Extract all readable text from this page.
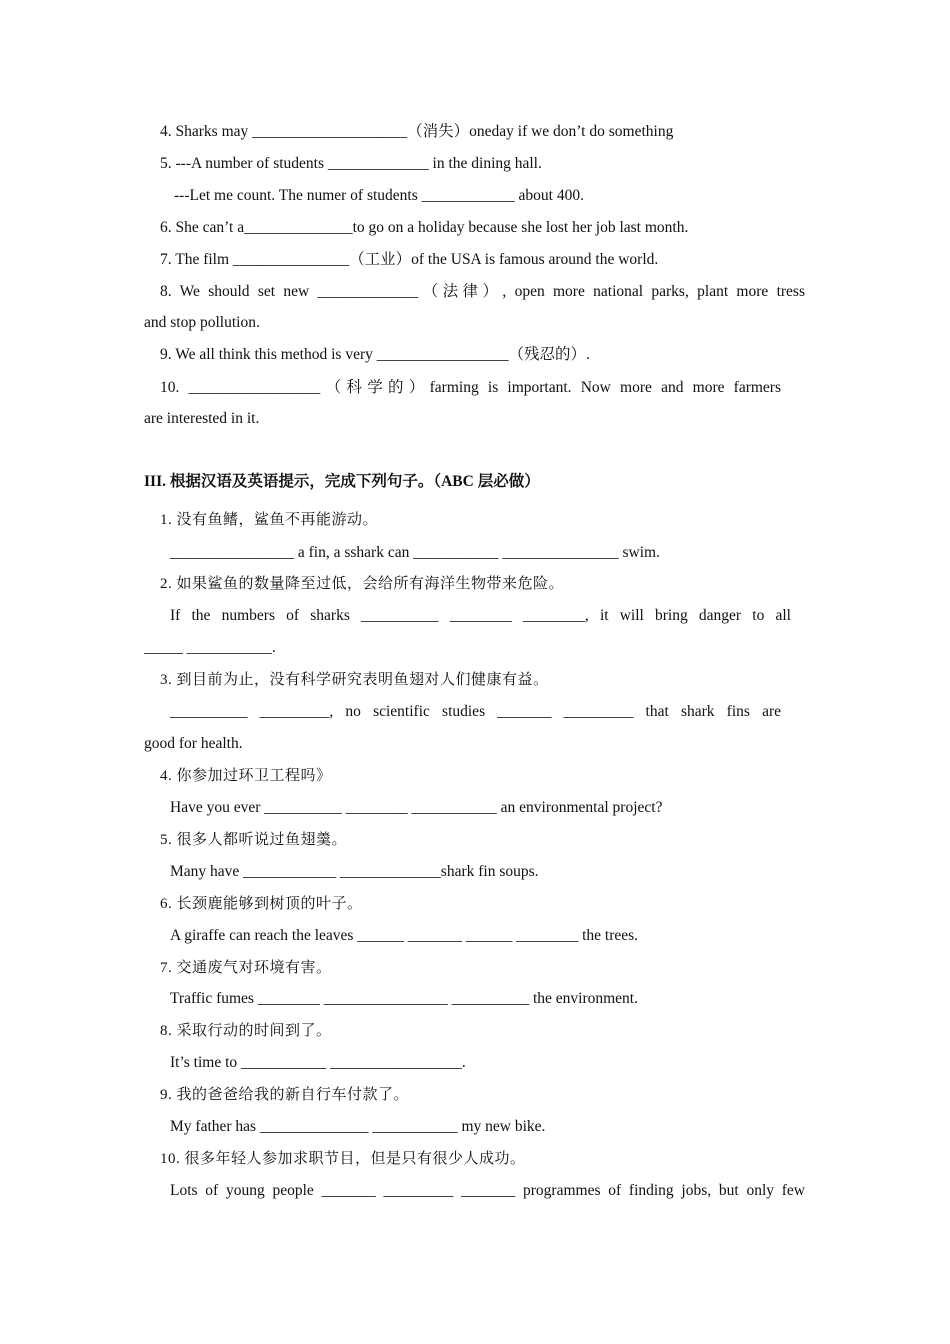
4. Sharks may ____________________（消失）oneday if we don’t do something
5. ---A number of students _____________ in the dining hall.
---Let me count. The numer of students ____________ about 400.
6. She can’t a______________to go on a holiday because she lost her job last month.
7. The film _______________（工业）of the USA is famous around the world.
8. We should set new _____________（法律）, open more national parks, plant more tress
and stop pollution.
9. We all think this method is very _________________（残忍的）.
10. _________________（科学的）farming is important. Now more and more farmers
are interested in it.
III. 根据汉语及英语提示，完成下列句子。（ABC 层必做）
1. 没有鱼鳍，鲨鱼不再能游动。
________________ a fin, a sshark can ___________ _______________ swim.
2. 如果鲨鱼的数量降至过低，会给所有海洋生物带来危险。
If the numbers of sharks __________ ________ ________, it will bring danger to all
_____ ___________.
3. 到目前为止，没有科学研究表明鱼翅对人们健康有益。
__________ _________, no scientific studies _______ _________ that shark fins are
good for health.
4. 你参加过环卫工程吗》
Have you ever __________ ________ ___________ an environmental project?
5. 很多人都听说过鱼翅羹。
Many have ____________ _____________shark fin soups.
6. 长颈鹿能够到树顶的叶子。
A giraffe can reach the leaves ______ _______ ______ ________ the trees.
7. 交通废气对环境有害。
Traffic fumes ________ ________________ __________ the environment.
8. 采取行动的时间到了。
It’s time to ___________ _________________.
9. 我的爸爸给我的新自行车付款了。
My father has ______________ ___________ my new bike.
10. 很多年轻人参加求职节目，但是只有很少人成功。
Lots of young people _______ _________ _______ programmes of finding jobs, but only few
